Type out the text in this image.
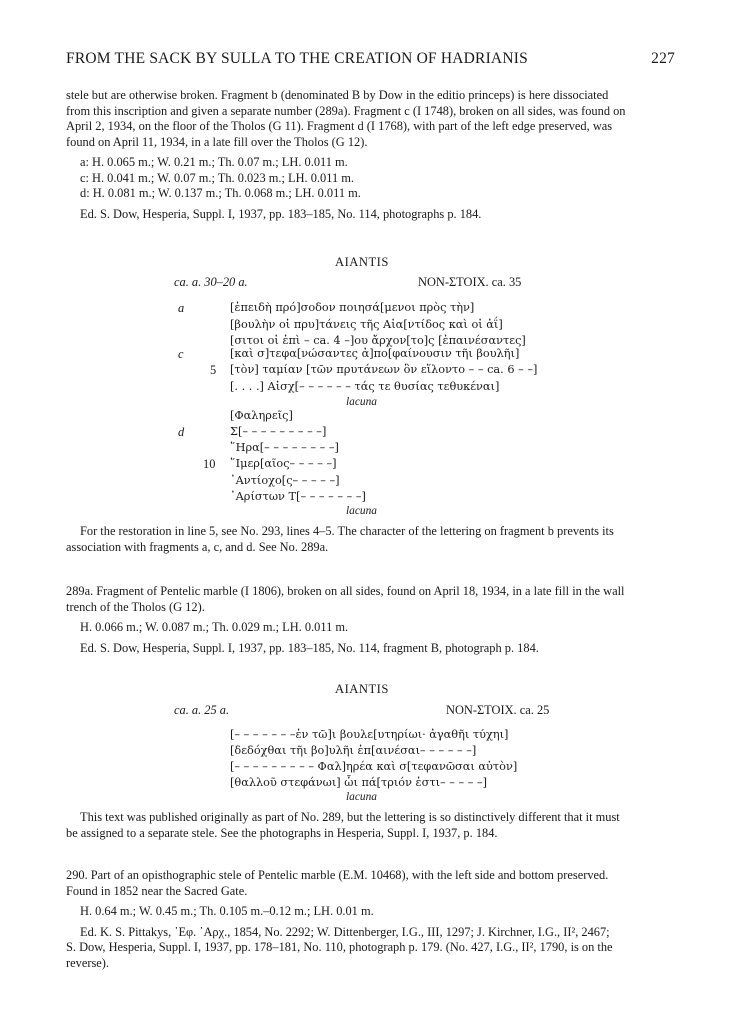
FROM THE SACK BY SULLA TO THE CREATION OF HADRIANIS	227
stele but are otherwise broken. Fragment b (denominated B by Dow in the editio princeps) is here dissociated
from this inscription and given a separate number (289a). Fragment c (I 1748), broken on all sides, was found on
April 2, 1934, on the floor of the Tholos (G 11). Fragment d (I 1768), with part of the left edge preserved, was
found on April 11, 1934, in a late fill over the Tholos (G 12).
a: H. 0.065 m.; W. 0.21 m.; Th. 0.07 m.; LH. 0.011 m.
c: H. 0.041 m.; W. 0.07 m.; Th. 0.023 m.; LH. 0.011 m.
d: H. 0.081 m.; W. 0.137 m.; Th. 0.068 m.; LH. 0.011 m.
Ed. S. Dow, Hesperia, Suppl. I, 1937, pp. 183–185, No. 114, photographs p. 184.
AIANTIS
ca. a. 30–20 a.	NON-ΣΤΟΙΧ. ca. 35
a	[ἐπειδὴ πρό]σοδον ποιησά[μενοι πρὸς τὴν]
[βουλὴν οἱ πρυ]τάνεις τῆς Αἰα[ντίδος καὶ οἱ ἀΐ]
[σιτοι οἱ ἐπὶ – ca. 4 –]ου ἄρχον[το]ς [ἐπαινέσαντες]
c	[καὶ σ]τεφα[νώσαντες ἀ]πο[φαίνουσιν τῆι βουλῆι]
5 [τὸν] ταμίαν [τῶν πρυτάνεων ὃν εἵλοντο – – ca. 6 – –]
[. . . .] Αἰσχ[– – – – – – τάς τε θυσίας τεθυκέναι]
lacuna
[Φαληρεῖς]
d	Σ[– – – – – – – – –]
῞Ηρα[– – – – – – – –]
10 ῞Ιμερ[αῖος– – – – –]
᾿Αντίοχο[ς– – – – –]
᾿Αρίστων Τ[– – – – – – –]
lacuna
For the restoration in line 5, see No. 293, lines 4–5. The character of the lettering on fragment b prevents its
association with fragments a, c, and d. See No. 289a.
289a. Fragment of Pentelic marble (I 1806), broken on all sides, found on April 18, 1934, in a late fill in the wall
trench of the Tholos (G 12).
H. 0.066 m.; W. 0.087 m.; Th. 0.029 m.; LH. 0.011 m.
Ed. S. Dow, Hesperia, Suppl. I, 1937, pp. 183–185, No. 114, fragment B, photograph p. 184.
AIANTIS
ca. a. 25 a.	NON-ΣΤΟΙΧ. ca. 25
[– – – – – – –ἐν τῶ]ι βουλε[υτηρίωι· ἀγαθῆι τύχηι]
[δεδόχθαι τῆι βο]υλῆι ἐπ[αινέσαι– – – – – –]
[– – – – – – – – – Φαλ]ηρέα καὶ σ[τεφανῶσαι αὐτὸν]
[θαλλοῦ στεφάνωι] ὧι πά[τριόν ἐστι– – – – –]
lacuna
This text was published originally as part of No. 289, but the lettering is so distinctively different that it must
be assigned to a separate stele. See the photographs in Hesperia, Suppl. I, 1937, p. 184.
290. Part of an opisthographic stele of Pentelic marble (E.M. 10468), with the left side and bottom preserved.
Found in 1852 near the Sacred Gate.
H. 0.64 m.; W. 0.45 m.; Th. 0.105 m.–0.12 m.; LH. 0.01 m.
Ed. K. S. Pittakys, ᾿Εφ. ᾿Αρχ., 1854, No. 2292; W. Dittenberger, I.G., III, 1297; J. Kirchner, I.G., II², 2467;
S. Dow, Hesperia, Suppl. I, 1937, pp. 178–181, No. 110, photograph p. 179. (No. 427, I.G., II², 1790, is on the
reverse).
